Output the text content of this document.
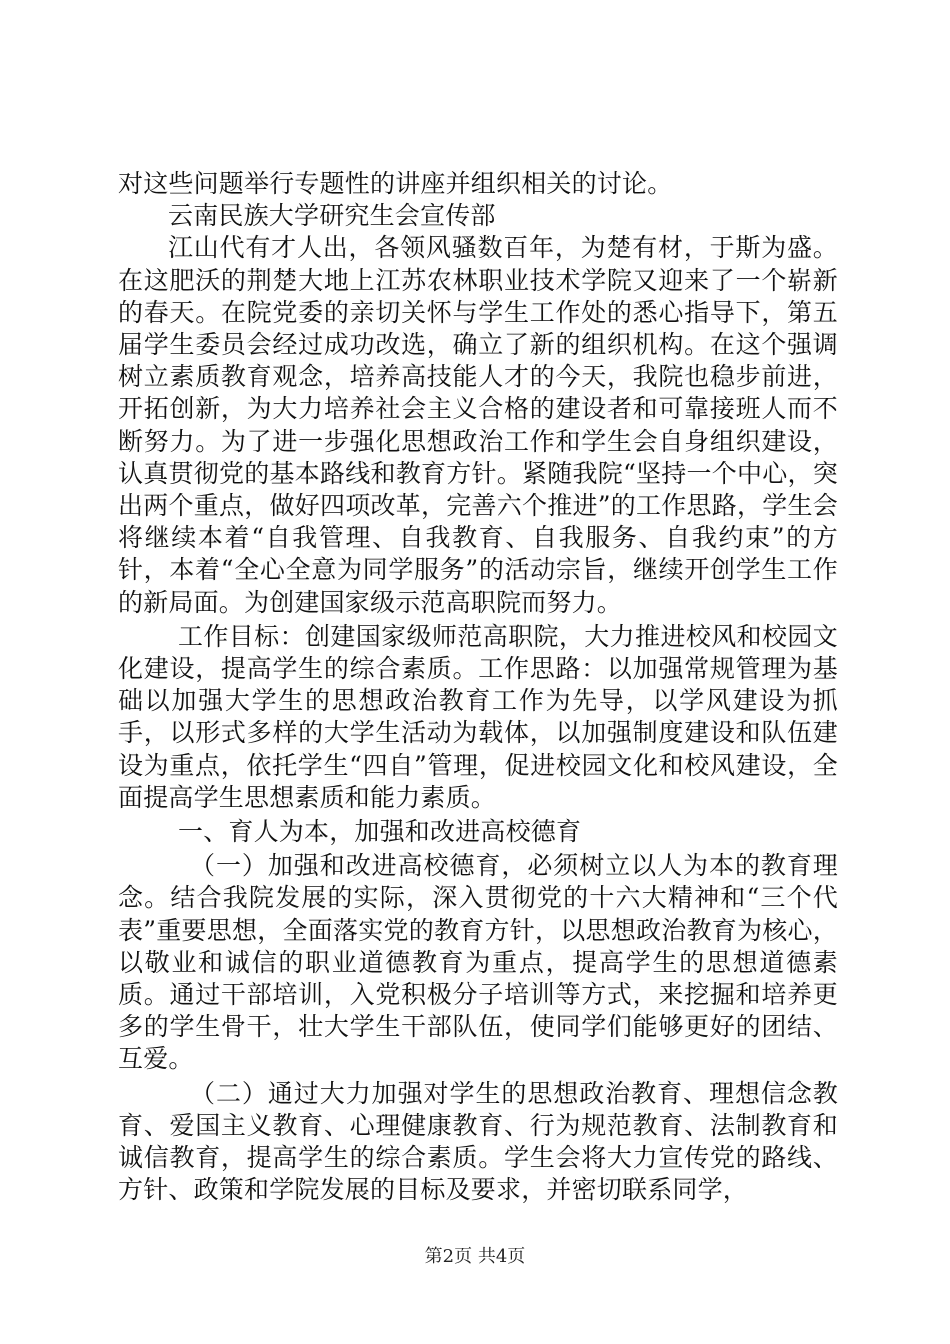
对这些问题举行专题性的讲座并组织相关的讨论。

云南民族大学研究生会宣传部

江山代有才人出，各领风骚数百年，为楚有材，于斯为盛。在这肥沃的荆楚大地上江苏农林职业技术学院又迎来了一个崭新的春天。在院党委的亲切关怀与学生工作处的悉心指导下，第五届学生委员会经过成功改选，确立了新的组织机构。在这个强调树立素质教育观念，培养高技能人才的今天，我院也稳步前进，开拓创新，为大力培养社会主义合格的建设者和可靠接班人而不断努力。为了进一步强化思想政治工作和学生会自身组织建设，认真贯彻党的基本路线和教育方针。紧随我院“坚持一个中心，突出两个重点，做好四项改革，完善六个推进”的工作思路，学生会将继续本着“自我管理、自我教育、自我服务、自我约束”的方针，本着“全心全意为同学服务”的活动宗旨，继续开创学生工作的新局面。为创建国家级示范高职院而努力。

工作目标：创建国家级师范高职院，大力推进校风和校园文化建设，提高学生的综合素质。工作思路：以加强常规管理为基础以加强大学生的思想政治教育工作为先导，以学风建设为抓手，以形式多样的大学生活动为载体，以加强制度建设和队伍建设为重点，依托学生“四自”管理，促进校园文化和校风建设，全面提高学生思想素质和能力素质。

一、育人为本，加强和改进高校德育

（一）加强和改进高校德育，必须树立以人为本的教育理念。结合我院发展的实际，深入贯彻党的十六大精神和“三个代表”重要思想，全面落实党的教育方针，以思想政治教育为核心，以敬业和诚信的职业道德教育为重点，提高学生的思想道德素质。通过干部培训，入党积极分子培训等方式，来挖掘和培养更多的学生骨干，壮大学生干部队伍，使同学们能够更好的团结、互爱。

（二）通过大力加强对学生的思想政治教育、理想信念教育、爱国主义教育、心理健康教育、行为规范教育、法制教育和诚信教育，提高学生的综合素质。学生会将大力宣传党的路线、方针、政策和学院发展的目标及要求，并密切联系同学，

第2页 共4页
